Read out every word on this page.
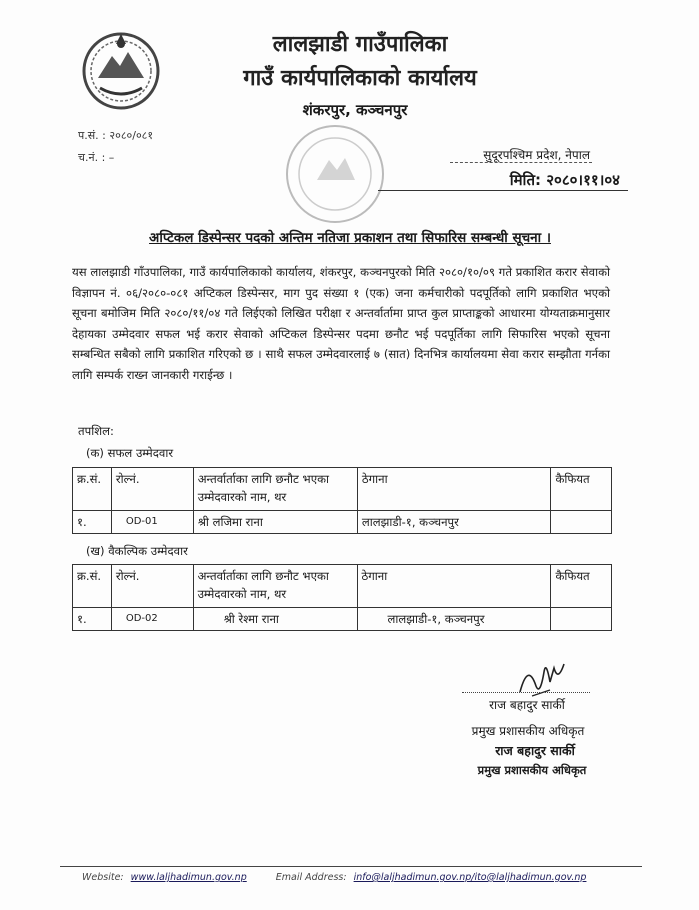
लालझाडी गाउँपालिका
गाउँ कार्यपालिकाको कार्यालय
शंकरपुर, कञ्चनपुर
प.सं. : २०८०/०८१
च.नं. : –	सुदूरपश्चिम प्रदेश, नेपाल
मिति: २०८०।११।०४
अप्टिकल डिस्पेन्सर पदको अन्तिम नतिजा प्रकाशन तथा सिफारिस सम्बन्धी सूचना ।
यस लालझाडी गाँउपालिका, गाउँ कार्यपालिकाको कार्यालय, शंकरपुर, कञ्चनपुरको मिति २०८०/१०/०९ गते प्रकाशित करार सेवाको विज्ञापन नं. ०६/२०८०-०८१ अप्टिकल डिस्पेन्सर, माग पुद संख्या १ (एक) जना कर्मचारीको पदपूर्तिको लागि प्रकाशित भएको सूचना बमोजिम मिति २०८०/११/०४ गते लिईएको लिखित परीक्षा र अन्तर्वार्तामा प्राप्त कुल प्राप्ताङ्कको आधारमा योग्यताक्रमानुसार देहायका उम्मेदवार सफल भई करार सेवाको अप्टिकल डिस्पेन्सर पदमा छनौट भई पदपूर्तिका लागि सिफारिस भएको सूचना सम्बन्धित सबैको लागि प्रकाशित गरिएको छ । साथै सफल उम्मेदवारलाई ७ (सात) दिनभित्र कार्यालयमा सेवा करार सम्झौता गर्नका लागि सम्पर्क राख्न जानकारी गराईन्छ ।
तपशिल:
(क) सफल उम्मेदवार
क्र.सं.	रोल्नं.	अन्तर्वार्ताका लागि छनौट भएका उम्मेदवारको नाम, थर	ठेगाना	कैफियत
१.	OD-01	श्री लजिमा राना	लालझाडी-१, कञ्चनपुर	
(ख) वैकल्पिक उम्मेदवार
क्र.सं.	रोल्नं.	अन्तर्वार्ताका लागि छनौट भएका उम्मेदवारको नाम, थर	ठेगाना	कैफियत
१.	OD-02	श्री रेश्मा राना	लालझाडी-१, कञ्चनपुर	
राज बहादुर सार्की
प्रमुख प्रशासकीय अधिकृत
राज बहादुर सार्की
प्रमुख प्रशासकीय अधिकृत
Website: www.laljhadimun.gov.np	Email Address: info@laljhadimun.gov.np/ito@laljhadimun.gov.np
